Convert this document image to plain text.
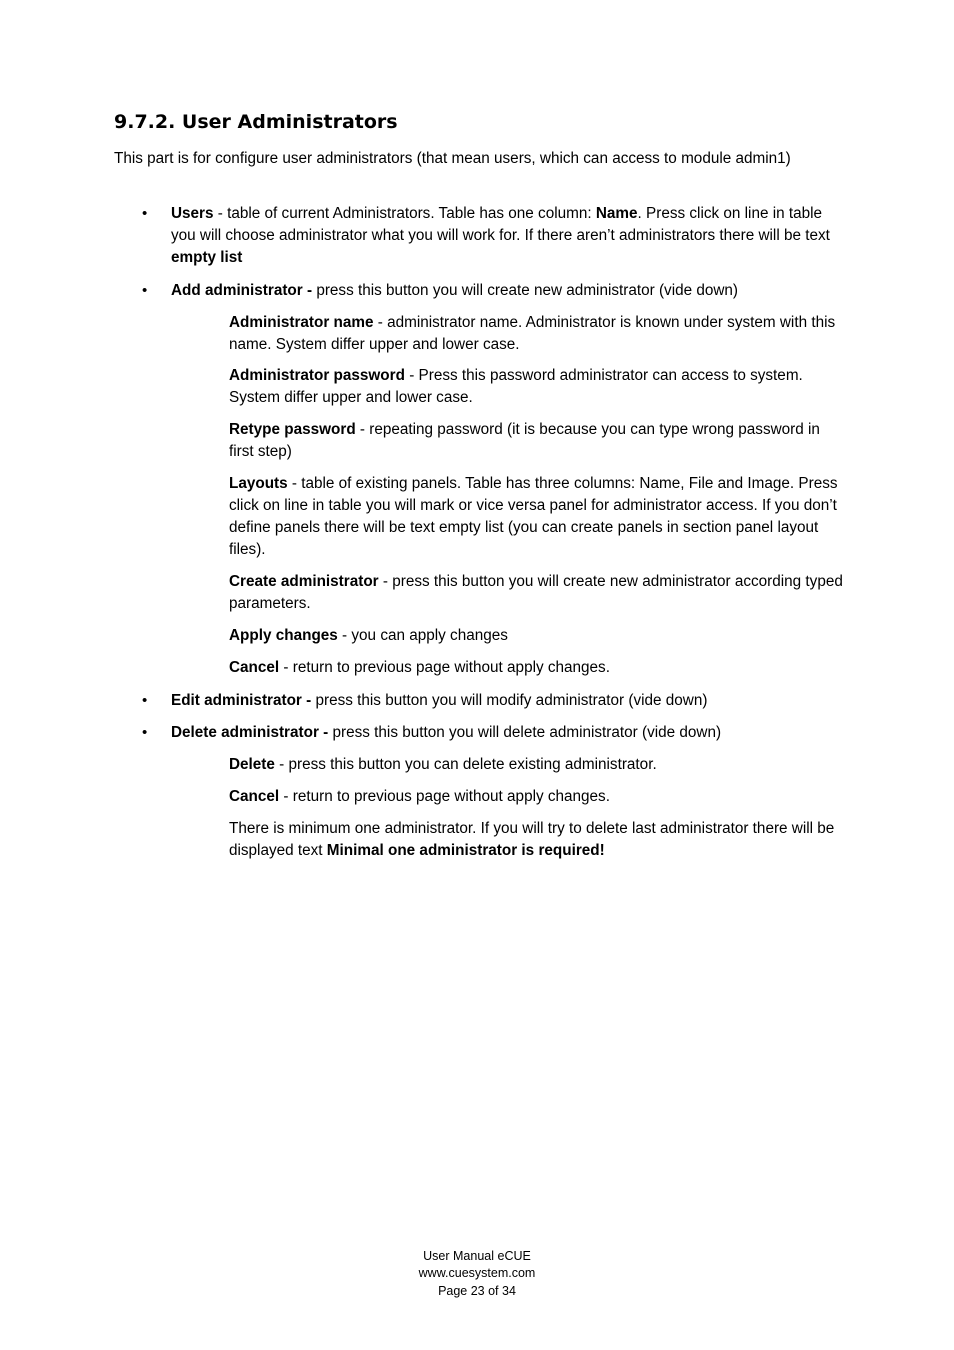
9.7.2. User Administrators

This part is for configure user administrators (that mean users, which can access to module admin1)

•	Users - table of current Administrators. Table has one column: Name. Press click on line in table you will choose administrator what you will work for. If there aren’t administrators there will be text empty list

•	Add administrator - press this button you will create new administrator (vide down)

Administrator name - administrator name. Administrator is known under system with this name. System differ upper and lower case.

Administrator password - Press this password administrator can access to system. System differ upper and lower case.

Retype password - repeating password (it is because you can type wrong password in first step)

Layouts - table of existing panels. Table has three columns: Name, File and Image. Press click on line in table you will mark or vice versa panel for administrator access. If you don’t define panels there will be text empty list (you can create panels in section panel layout files).

Create administrator - press this button you will create new administrator according typed parameters.

Apply changes - you can apply changes

Cancel - return to previous page without apply changes.

•	Edit administrator - press this button you will modify administrator (vide down)

•	Delete administrator - press this button you will delete administrator (vide down)

Delete - press this button you can delete existing administrator.

Cancel - return to previous page without apply changes.

There is minimum one administrator. If you will try to delete last administrator there will be displayed text Minimal one administrator is required!

User Manual eCUE
www.cuesystem.com
Page 23 of 34
